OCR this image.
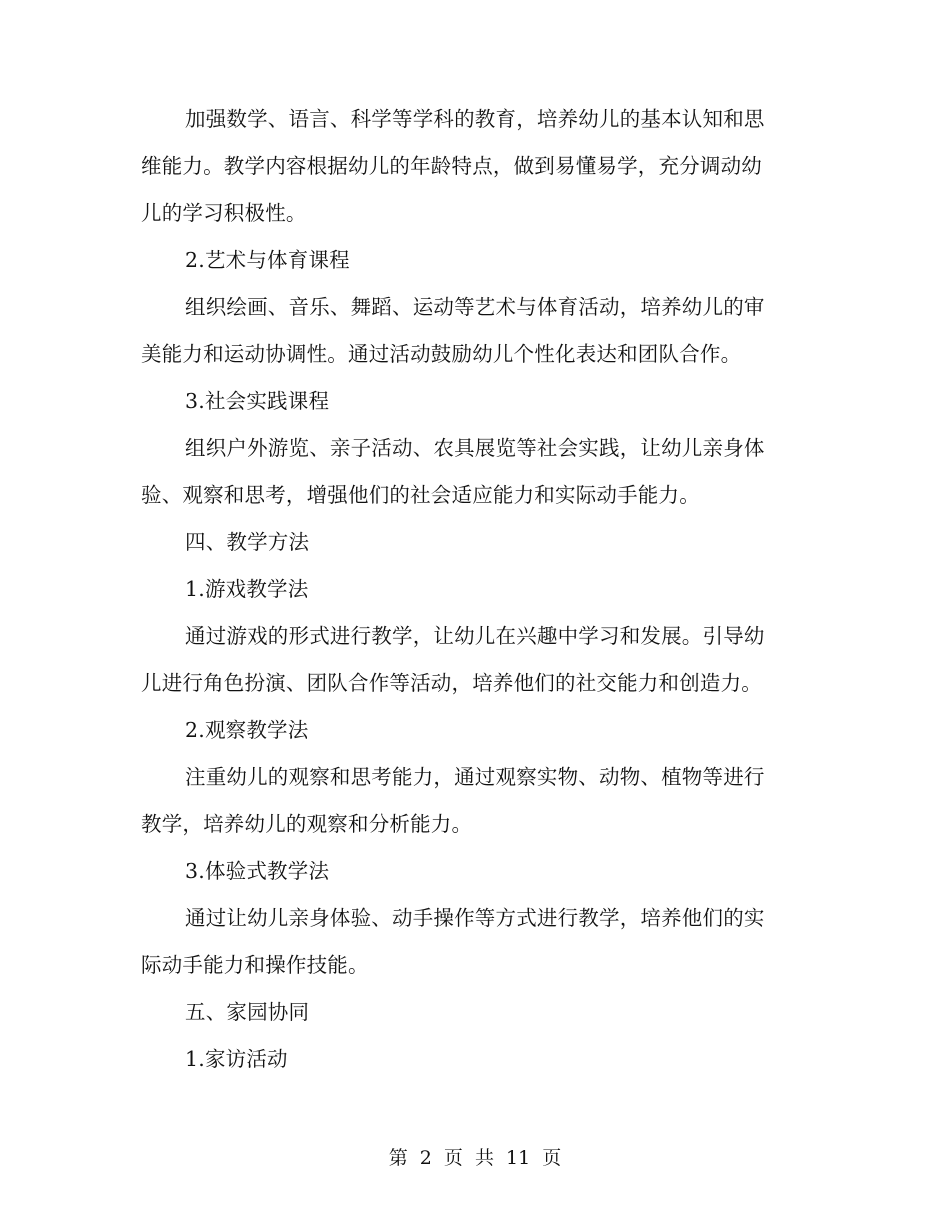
加强数学、语言、科学等学科的教育，培养幼儿的基本认知和思
维能力。教学内容根据幼儿的年龄特点，做到易懂易学，充分调动幼
儿的学习积极性。
2.艺术与体育课程
组织绘画、音乐、舞蹈、运动等艺术与体育活动，培养幼儿的审
美能力和运动协调性。通过活动鼓励幼儿个性化表达和团队合作。
3.社会实践课程
组织户外游览、亲子活动、农具展览等社会实践，让幼儿亲身体
验、观察和思考，增强他们的社会适应能力和实际动手能力。
四、教学方法
1.游戏教学法
通过游戏的形式进行教学，让幼儿在兴趣中学习和发展。引导幼
儿进行角色扮演、团队合作等活动，培养他们的社交能力和创造力。
2.观察教学法
注重幼儿的观察和思考能力，通过观察实物、动物、植物等进行
教学，培养幼儿的观察和分析能力。
3.体验式教学法
通过让幼儿亲身体验、动手操作等方式进行教学，培养他们的实
际动手能力和操作技能。
五、家园协同
1.家访活动
第 2 页 共 11 页
